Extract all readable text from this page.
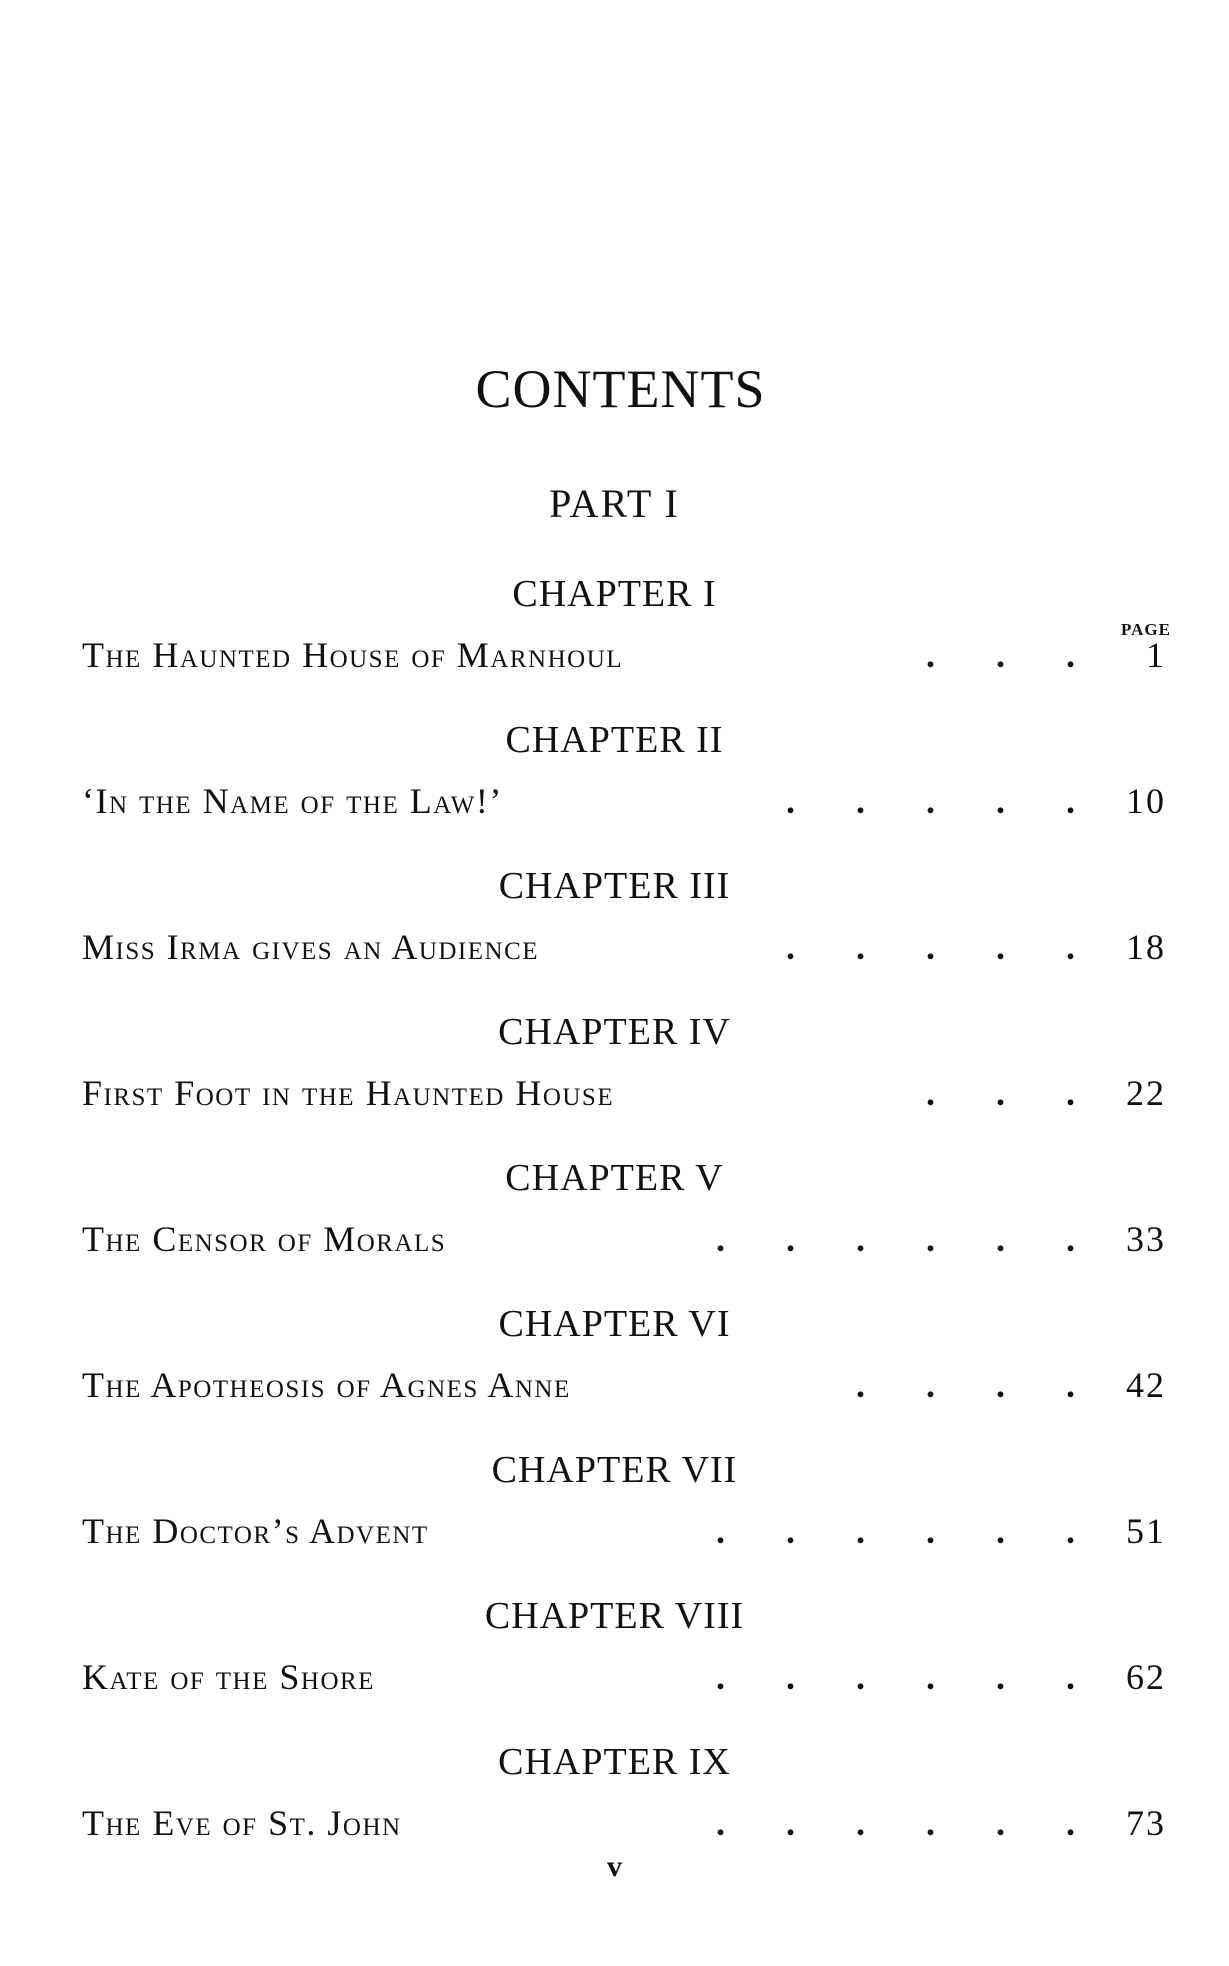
CONTENTS
PART I
PAGE
CHAPTER I
The Haunted House of Marnhoul	. . .	1
CHAPTER II
‘In the Name of the Law!’	. . . . .	10
CHAPTER III
Miss Irma gives an Audience	. . . . .	18
CHAPTER IV
First Foot in the Haunted House	. . .	22
CHAPTER V
The Censor of Morals	. . . . . .	33
CHAPTER VI
The Apotheosis of Agnes Anne	. . . .	42
CHAPTER VII
The Doctor’s Advent	. . . . . .	51
CHAPTER VIII
Kate of the Shore	. . . . . .	62
CHAPTER IX
The Eve of St. John	. . . . . .	73
v
